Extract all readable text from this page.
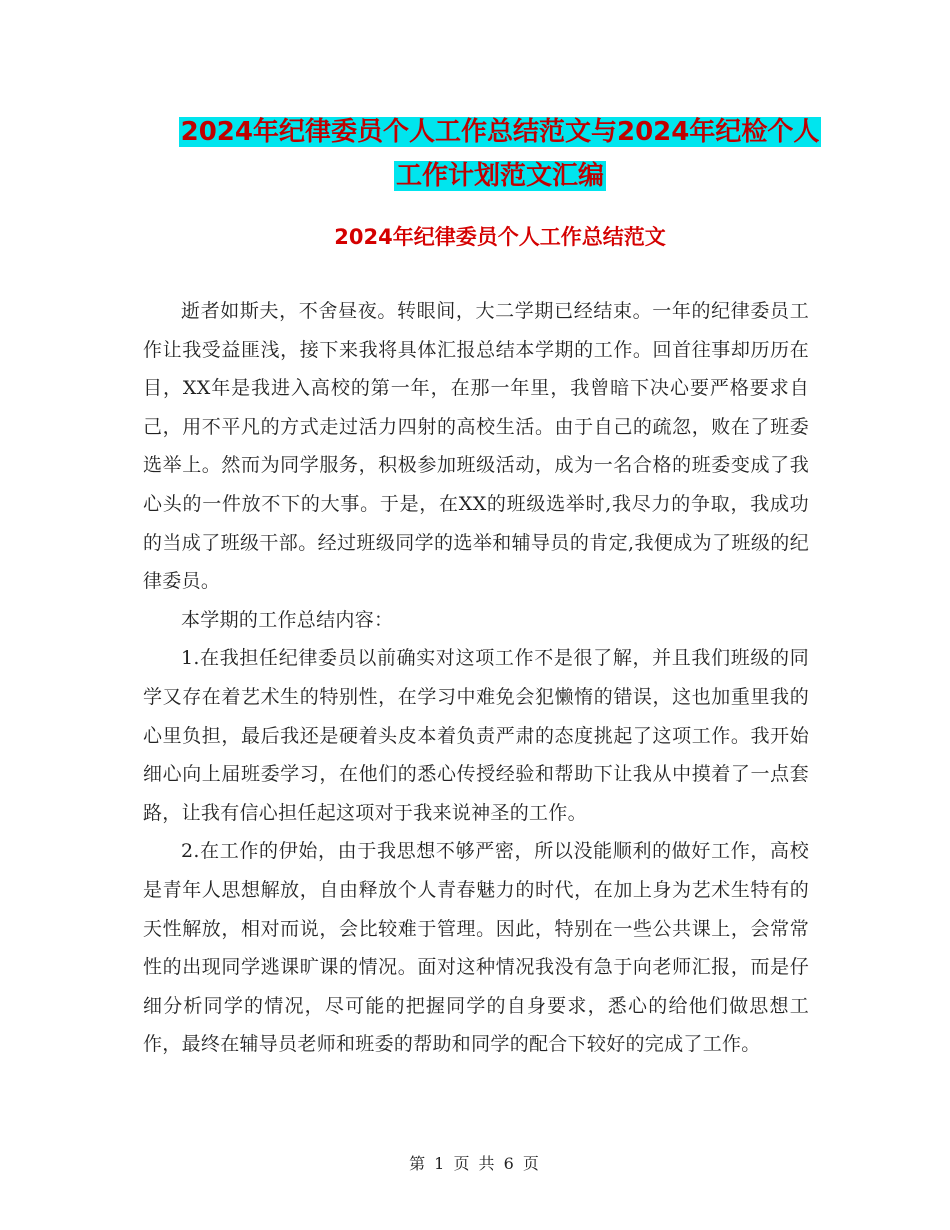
2024年纪律委员个人工作总结范文与2024年纪检个人
工作计划范文汇编
2024年纪律委员个人工作总结范文

逝者如斯夫，不舍昼夜。转眼间，大二学期已经结束。一年的纪律委员工作让我受益匪浅，接下来我将具体汇报总结本学期的工作。回首往事却历历在目，XX年是我进入高校的第一年，在那一年里，我曾暗下决心要严格要求自己，用不平凡的方式走过活力四射的高校生活。由于自己的疏忽，败在了班委选举上。然而为同学服务，积极参加班级活动，成为一名合格的班委变成了我心头的一件放不下的大事。于是，在XX的班级选举时,我尽力的争取，我成功的当成了班级干部。经过班级同学的选举和辅导员的肯定,我便成为了班级的纪律委员。

本学期的工作总结内容：

1.在我担任纪律委员以前确实对这项工作不是很了解，并且我们班级的同学又存在着艺术生的特别性，在学习中难免会犯懒惰的错误，这也加重里我的心里负担，最后我还是硬着头皮本着负责严肃的态度挑起了这项工作。我开始细心向上届班委学习，在他们的悉心传授经验和帮助下让我从中摸着了一点套路，让我有信心担任起这项对于我来说神圣的工作。

2.在工作的伊始，由于我思想不够严密，所以没能顺利的做好工作，高校是青年人思想解放，自由释放个人青春魅力的时代，在加上身为艺术生特有的天性解放，相对而说，会比较难于管理。因此，特别在一些公共课上，会常常性的出现同学逃课旷课的情况。面对这种情况我没有急于向老师汇报，而是仔细分析同学的情况，尽可能的把握同学的自身要求，悉心的给他们做思想工作，最终在辅导员老师和班委的帮助和同学的配合下较好的完成了工作。

第 1 页 共 6 页
